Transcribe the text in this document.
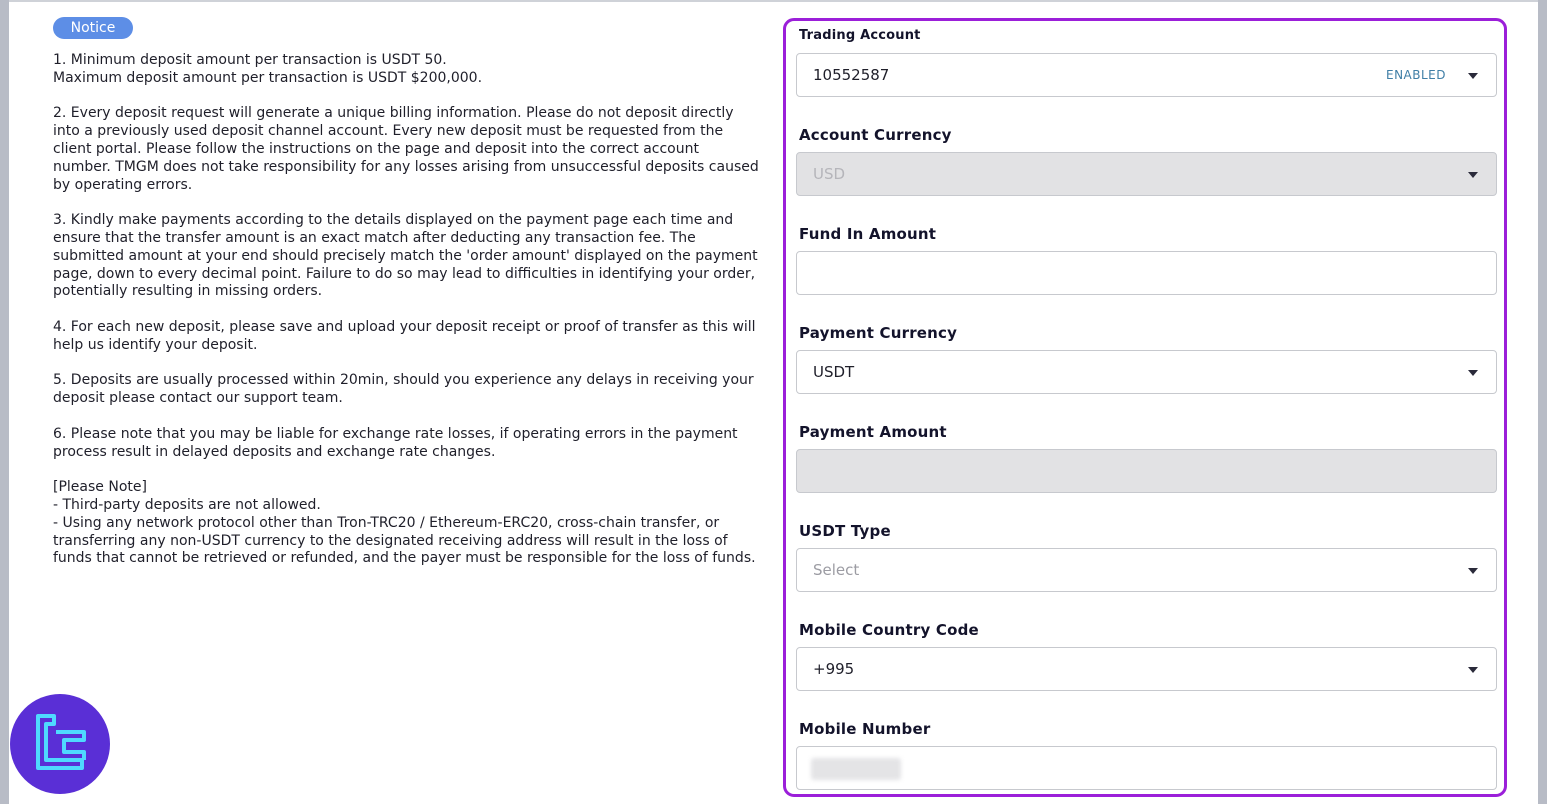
Notice

1. Minimum deposit amount per transaction is USDT 50.
Maximum deposit amount per transaction is USDT $200,000.

2. Every deposit request will generate a unique billing information. Please do not deposit directly into a previously used deposit channel account. Every new deposit must be requested from the client portal. Please follow the instructions on the page and deposit into the correct account number. TMGM does not take responsibility for any losses arising from unsuccessful deposits caused by operating errors.

3. Kindly make payments according to the details displayed on the payment page each time and ensure that the transfer amount is an exact match after deducting any transaction fee. The submitted amount at your end should precisely match the 'order amount' displayed on the payment page, down to every decimal point. Failure to do so may lead to difficulties in identifying your order, potentially resulting in missing orders.

4. For each new deposit, please save and upload your deposit receipt or proof of transfer as this will help us identify your deposit.

5. Deposits are usually processed within 20min, should you experience any delays in receiving your deposit please contact our support team.

6. Please note that you may be liable for exchange rate losses, if operating errors in the payment process result in delayed deposits and exchange rate changes.

[Please Note]
- Third-party deposits are not allowed.
- Using any network protocol other than Tron-TRC20 / Ethereum-ERC20, cross-chain transfer, or transferring any non-USDT currency to the designated receiving address will result in the loss of funds that cannot be retrieved or refunded, and the payer must be responsible for the loss of funds.

Trading Account
10552587	ENABLED
Account Currency
USD
Fund In Amount
Payment Currency
USDT
Payment Amount
USDT Type
Select
Mobile Country Code
+995
Mobile Number
